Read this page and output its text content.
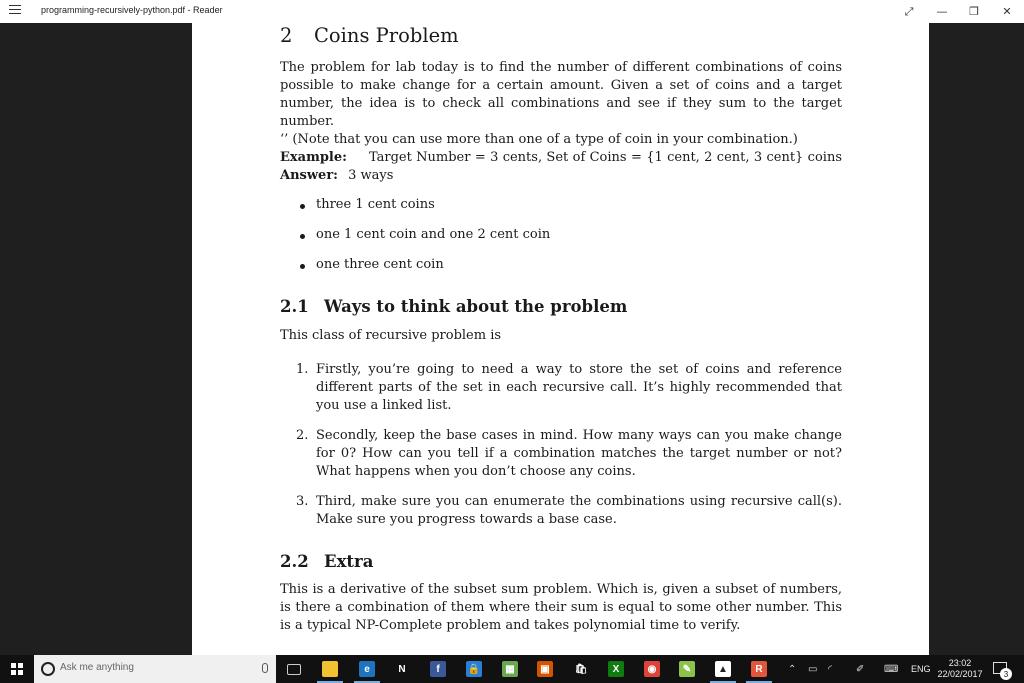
programming-recursively-python.pdf - Reader	⤢	—	❐	✕
2 Coins Problem
The problem for lab today is to find the number of different combinations of coins possible to make change for a certain amount. Given a set of coins and a target number, the idea is to check all combinations and see if they sum to the target number.
‘’ (Note that you can use more than one of a type of coin in your combination.)
Example: Target Number = 3 cents, Set of Coins = {1 cent, 2 cent, 3 cent} coins
Answer: 3 ways
three 1 cent coins
one 1 cent coin and one 2 cent coin
one three cent coin
2.1 Ways to think about the problem
This class of recursive problem is
1. Firstly, you’re going to need a way to store the set of coins and reference different parts of the set in each recursive call. It’s highly recommended that you use a linked list.
2. Secondly, keep the base cases in mind. How many ways can you make change for 0? How can you tell if a combination matches the target number or not? What happens when you don’t choose any coins.
3. Third, make sure you can enumerate the combinations using recursive call(s). Make sure you progress towards a base case.
2.2 Extra
This is a derivative of the subset sum problem. Which is, given a subset of numbers, is there a combination of them where their sum is equal to some other number. This is a typical NP-Complete problem and takes polynomial time to verify.
Ask me anything	e	N	f	🔒	▦	▣	🛍	X	◉	✎	▲	R	⌃ ▭ ◜ ✐ ⌨ ENG
23:02
22/02/2017	3
